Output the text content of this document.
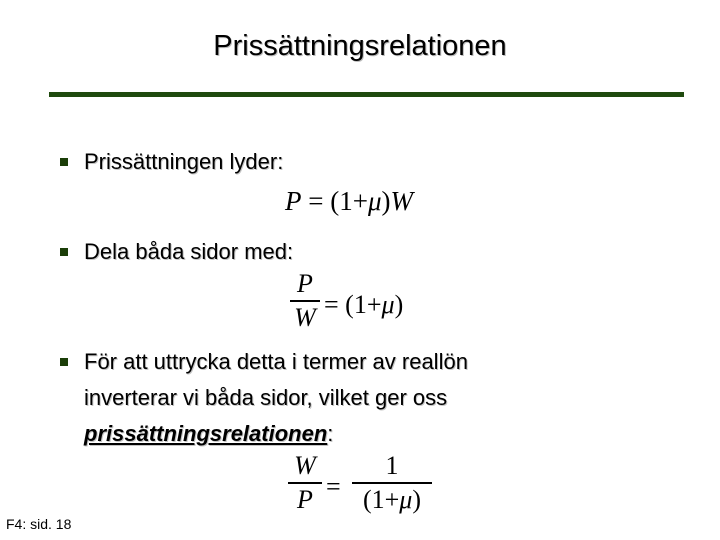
Prissättningsrelationen
Prissättningen lyder:
P = (1+μ)W
Dela båda sidor med:
P
W = (1+μ)
För att uttrycka detta i termer av reallön
inverterar vi båda sidor, vilket ger oss
prissättningsrelationen:
W
P =
1
(1+μ)
F4: sid. 18
